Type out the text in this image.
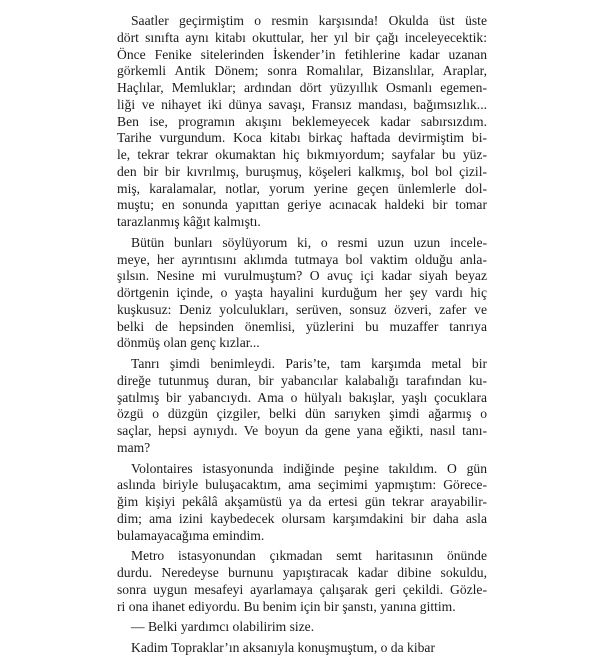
Saatler geçirmiştim o resmin karşısında! Okulda üst üste
dört sınıfta aynı kitabı okuttular, her yıl bir çağı inceleyecektik:
Önce Fenike sitelerinden İskender’in fetihlerine kadar uzanan
görkemli Antik Dönem; sonra Romalılar, Bizanslılar, Araplar,
Haçlılar, Memluklar; ardından dört yüzyıllık Osmanlı egemen-
liği ve nihayet iki dünya savaşı, Fransız mandası, bağımsızlık...
Ben ise, programın akışını beklemeyecek kadar sabırsızdım.
Tarihe vurgundum. Koca kitabı birkaç haftada devirmiştim bi-
le, tekrar tekrar okumaktan hiç bıkmıyordum; sayfalar bu yüz-
den bir bir kıvrılmış, buruşmuş, köşeleri kalkmış, bol bol çizil-
miş, karalamalar, notlar, yorum yerine geçen ünlemlerle dol-
muştu; en sonunda yapıttan geriye acınacak haldeki bir tomar
tarazlanmış kâğıt kalmıştı.
Bütün bunları söylüyorum ki, o resmi uzun uzun incele-
meye, her ayrıntısını aklımda tutmaya bol vaktim olduğu anla-
şılsın. Nesine mi vurulmuştum? O avuç içi kadar siyah beyaz
dörtgenin içinde, o yaşta hayalini kurduğum her şey vardı hiç
kuşkusuz: Deniz yolculukları, serüven, sonsuz özveri, zafer ve
belki de hepsinden önemlisi, yüzlerini bu muzaffer tanrıya
dönmüş olan genç kızlar...
Tanrı şimdi benimleydi. Paris’te, tam karşımda metal bir
direğe tutunmuş duran, bir yabancılar kalabalığı tarafından ku-
şatılmış bir yabancıydı. Ama o hülyalı bakışlar, yaşlı çocuklara
özgü o düzgün çizgiler, belki dün sarıyken şimdi ağarmış o
saçlar, hepsi aynıydı. Ve boyun da gene yana eğikti, nasıl tanı-
mam?
Volontaires istasyonunda indiğinde peşine takıldım. O gün
aslında biriyle buluşacaktım, ama seçimimi yapmıştım: Görece-
ğim kişiyi pekâlâ akşamüstü ya da ertesi gün tekrar arayabilir-
dim; ama izini kaybedecek olursam karşımdakini bir daha asla
bulamayacağıma emindim.
Metro istasyonundan çıkmadan semt haritasının önünde
durdu. Neredeyse burnunu yapıştıracak kadar dibine sokuldu,
sonra uygun mesafeyi ayarlamaya çalışarak geri çekildi. Gözle-
ri ona ihanet ediyordu. Bu benim için bir şanstı, yanına gittim.
— Belki yardımcı olabilirim size.
Kadim Topraklar’ın aksanıyla konuşmuştum, o da kibar
